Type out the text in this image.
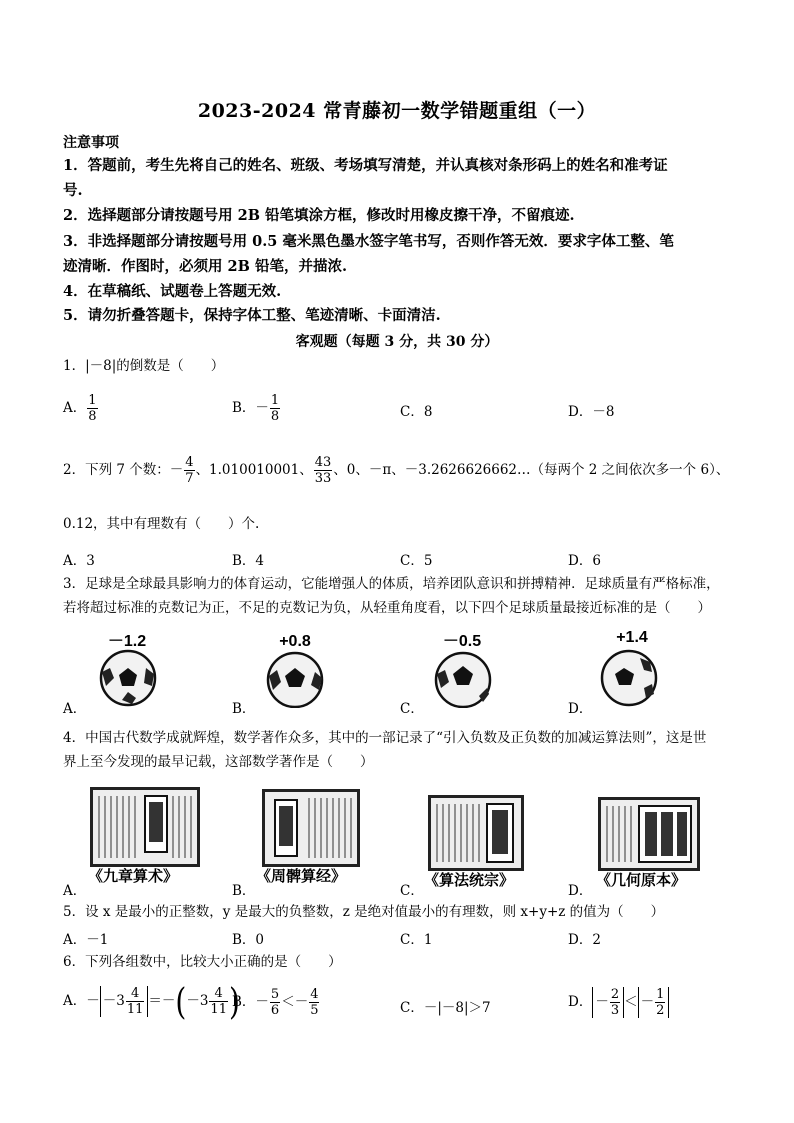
2023-2024 常青藤初一数学错题重组（一）
注意事项
1．答题前，考生先将自己的姓名、班级、考场填写清楚，并认真核对条形码上的姓名和准考证
号.
2．选择题部分请按题号用 2B 铅笔填涂方框，修改时用橡皮擦干净，不留痕迹.
3．非选择题部分请按题号用 0.5 毫米黑色墨水签字笔书写，否则作答无效．要求字体工整、笔
迹清晰．作图时，必须用 2B 铅笔，并描浓.
4．在草稿纸、试题卷上答题无效.
5．请勿折叠答题卡，保持字体工整、笔迹清晰、卡面清洁.
客观题（每题 3 分，共 30 分）
1．|－8|的倒数是（　　）
A． $\frac{1}{8}$	B．－ $\frac{1}{8}$	C．8	D．－8
2．下列 7 个数：－ $\frac{4}{7}$ 、1.010010001、 $\frac{43}{33}$ 、0、－π、－3.2626626662…（每两个 2 之间依次多一个 6）、
0.12̇，其中有理数有（　　）个.
A．3	B．4	C．5	D．6
3．足球是全球最具影响力的体育运动，它能增强人的体质，培养团队意识和拼搏精神．足球质量有严格标准，
若将超过标准的克数记为正，不足的克数记为负，从轻重角度看，以下四个足球质量最接近标准的是（　　）
A．	B．	C．	D．
－1.2	+0.8	－0.5	+1.4
4．中国古代数学成就辉煌，数学著作众多，其中的一部记录了“引入负数及正负数的加减运算法则”，这是世
界上至今发现的最早记载，这部数学著作是（　　）
A．	B．	C．	D．
《九章算术》	《周髀算经》	《算法统宗》	《几何原本》
5．设 x 是最小的正整数，y 是最大的负整数，z 是绝对值最小的有理数，则 x+y+z 的值为（　　）
A．－1	B．0	C．1	D．2
6．下列各组数中，比较大小正确的是（　　）
A．－ $-3 \frac{4}{11} =-(-3 \frac{4}{11}$ )
B．－ $\frac{5}{6} <- \frac{4}{5}$	C．－|－8|＞7	D． － $\frac{2}{3}$ ＜ － $\frac{1}{2}$
